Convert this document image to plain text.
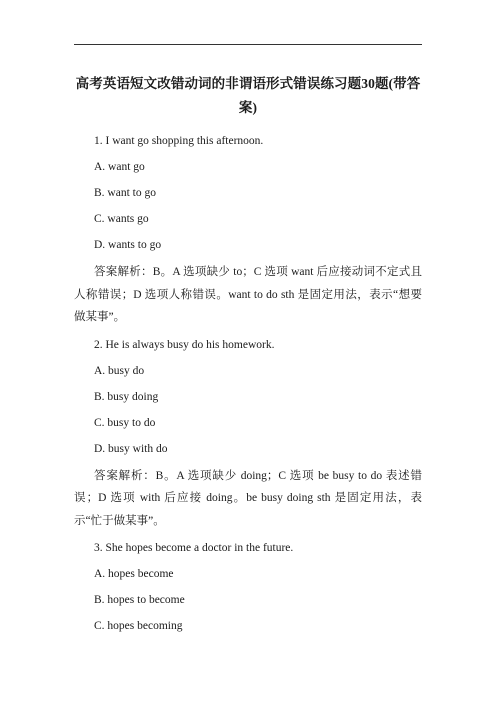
高考英语短文改错动词的非谓语形式错误练习题30题(带答案)

1. I want go shopping this afternoon.

A. want go

B. want to go

C. wants go

D. wants to go

答案解析：B。A 选项缺少 to；C 选项 want 后应接动词不定式且人称错误；D 选项人称错误。want to do sth 是固定用法，表示“想要做某事”。

2. He is always busy do his homework.

A. busy do

B. busy doing

C. busy to do

D. busy with do

答案解析：B。A 选项缺少 doing；C 选项 be busy to do 表述错误；D 选项 with 后应接 doing。be busy doing sth 是固定用法，表示“忙于做某事”。

3. She hopes become a doctor in the future.

A. hopes become

B. hopes to become

C. hopes becoming
